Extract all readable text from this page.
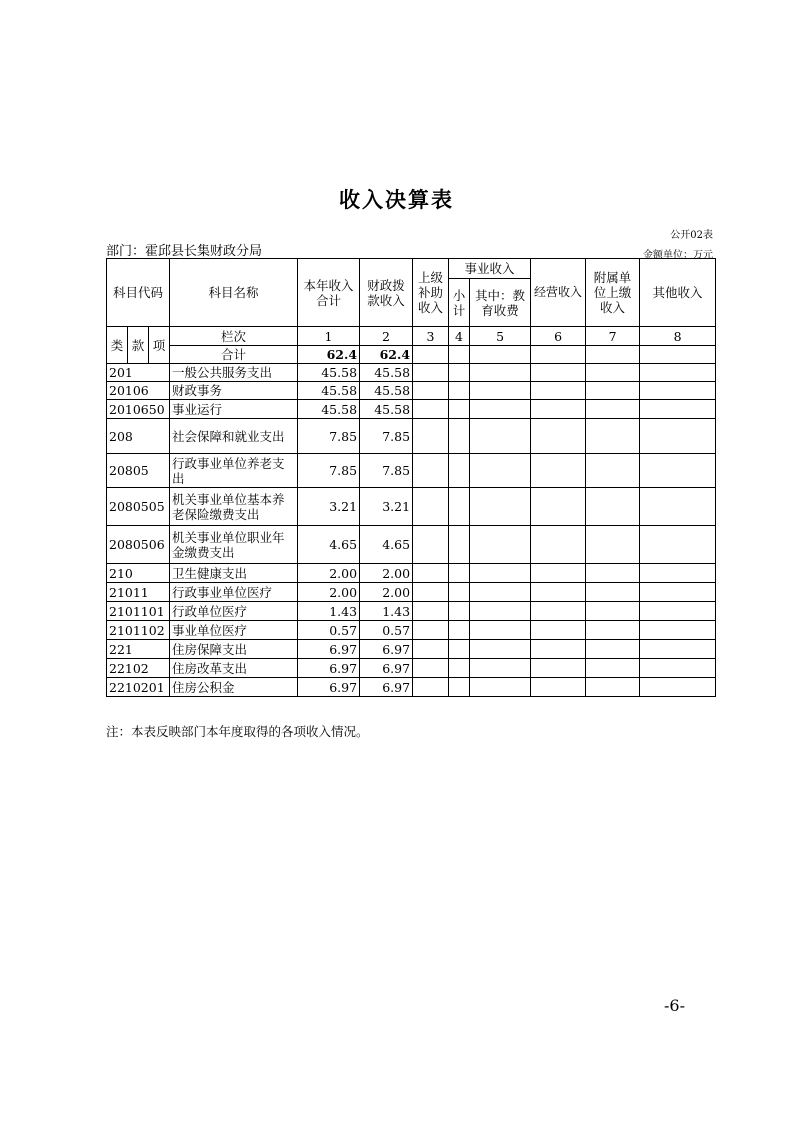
收入决算表
公开02表
部门：霍邱县长集财政分局	金额单位：万元
科目代码			科目名称	本年收入合计	财政拨款收入	上级补助收入	事业收入		经营收入	附属单位上缴收入	其他收入
							小计	其中：教育收费			
类	款	项	栏次	1	2	3	4	5	6	7	8
			合计	62.4	62.4						
201			一般公共服务支出	45.58	45.58						
20106			财政事务	45.58	45.58						
2010650			事业运行	45.58	45.58						
208			社会保障和就业支出	7.85	7.85						
20805			行政事业单位养老支出	7.85	7.85						
2080505			机关事业单位基本养老保险缴费支出	3.21	3.21						
2080506			机关事业单位职业年金缴费支出	4.65	4.65						
210			卫生健康支出	2.00	2.00						
21011			行政事业单位医疗	2.00	2.00						
2101101			行政单位医疗	1.43	1.43						
2101102			事业单位医疗	0.57	0.57						
221			住房保障支出	6.97	6.97						
22102			住房改革支出	6.97	6.97						
2210201			住房公积金	6.97	6.97						
注：本表反映部门本年度取得的各项收入情况。
-6-
